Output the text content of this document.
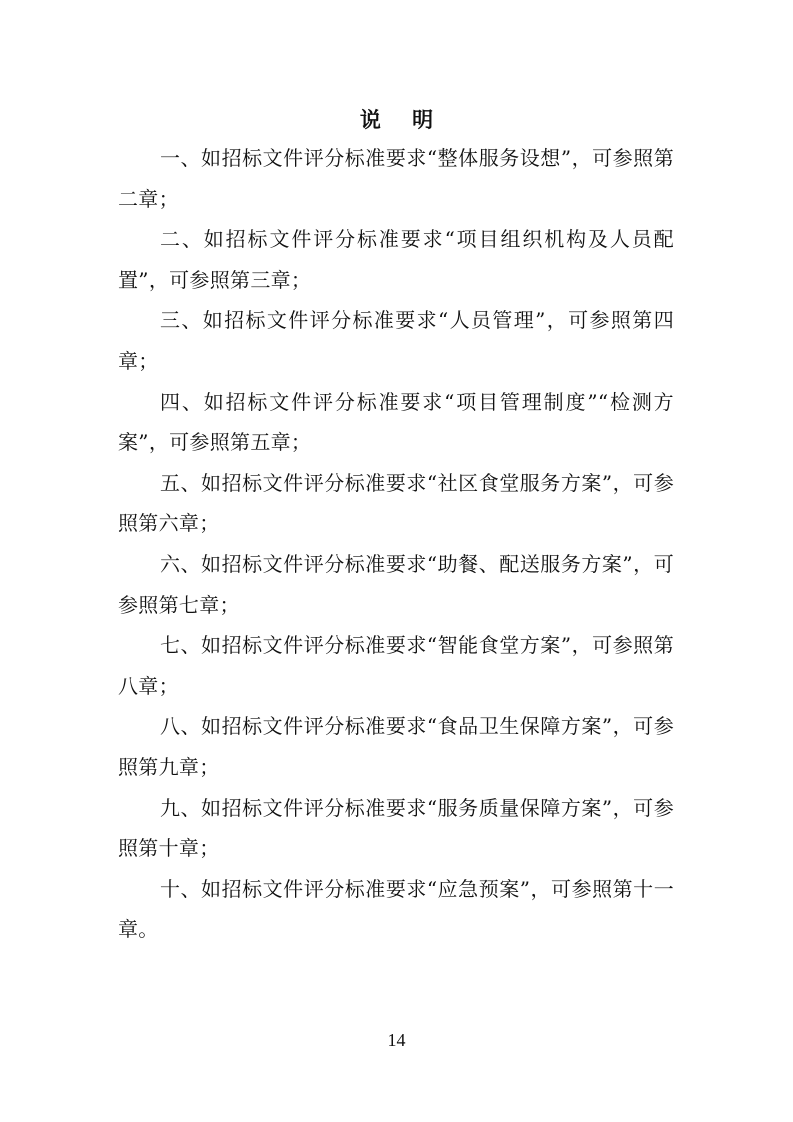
说 明

一、如招标文件评分标准要求“整体服务设想”，可参照第二章；

二、如招标文件评分标准要求“项目组织机构及人员配置”，可参照第三章；

三、如招标文件评分标准要求“人员管理”，可参照第四章；

四、如招标文件评分标准要求“项目管理制度”“检测方案”，可参照第五章；

五、如招标文件评分标准要求“社区食堂服务方案”，可参照第六章；

六、如招标文件评分标准要求“助餐、配送服务方案”，可参照第七章；

七、如招标文件评分标准要求“智能食堂方案”，可参照第八章；

八、如招标文件评分标准要求“食品卫生保障方案”，可参照第九章；

九、如招标文件评分标准要求“服务质量保障方案”，可参照第十章；

十、如招标文件评分标准要求“应急预案”，可参照第十一章。

14
